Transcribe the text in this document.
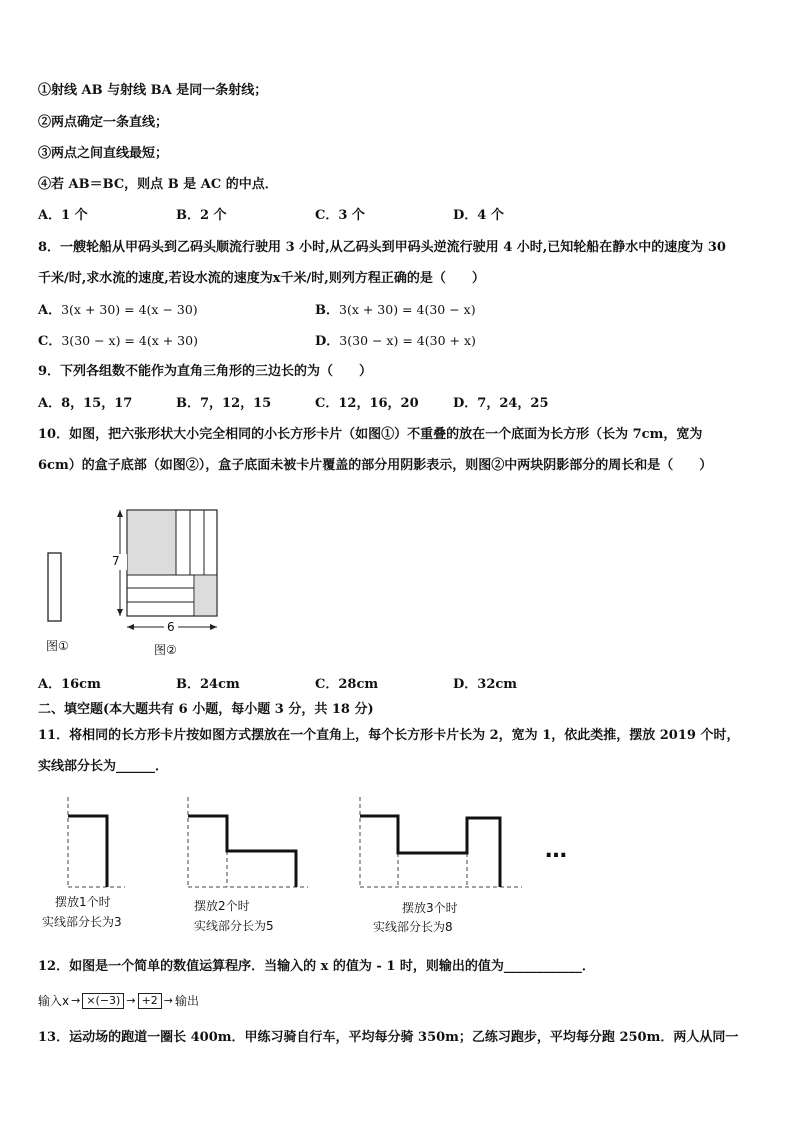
①射线 AB 与射线 BA 是同一条射线；
②两点确定一条直线；
③两点之间直线最短；
④若 AB＝BC，则点 B 是 AC 的中点．
A．1 个	B．2 个	C．3 个	D．4 个
8．一艘轮船从甲码头到乙码头顺流行驶用 3 小时,从乙码头到甲码头逆流行驶用 4 小时,已知轮船在静水中的速度为 30
千米/时,求水流的速度,若设水流的速度为x千米/时,则列方程正确的是（　　）
A．3(x + 30) = 4(x − 30)	B．3(x + 30) = 4(30 − x)
C．3(30 − x) = 4(x + 30)	D．3(30 − x) = 4(30 + x)
9．下列各组数不能作为直角三角形的三边长的为（　　）
A．8，15，17	B．7，12，15	C．12，16，20	D．7，24，25
10．如图，把六张形状大小完全相同的小长方形卡片（如图①）不重叠的放在一个底面为长方形（长为 7cm，宽为
6cm）的盒子底部（如图②），盒子底面未被卡片覆盖的部分用阴影表示，则图②中两块阴影部分的周长和是（　　）
图①
7
6
图②
A．16cm	B．24cm	C．28cm	D．32cm
二、填空题(本大题共有 6 小题，每小题 3 分，共 18 分)
11．将相同的长方形卡片按如图方式摆放在一个直角上，每个长方形卡片长为 2，宽为 1，依此类推，摆放 2019 个时，
实线部分长为______．
摆放1个时
实线部分长为3
摆放2个时
实线部分长为5
摆放3个时
实线部分长为8
…
12．如图是一个简单的数值运算程序．当输入的 x 的值为 - 1 时，则输出的值为____________．
输入x → ×(−3) → +2 → 输出
13．运动场的跑道一圈长 400m．甲练习骑自行车，平均每分骑 350m；乙练习跑步，平均每分跑 250m．两人从同一
